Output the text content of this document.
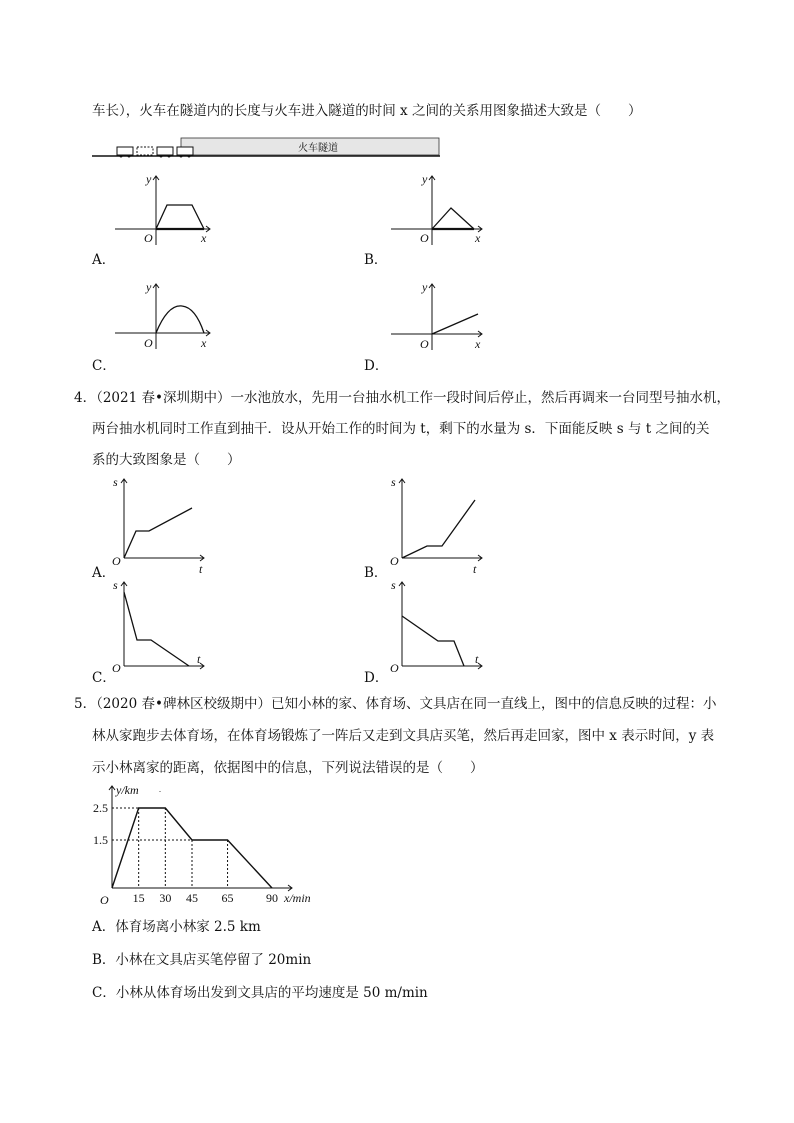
车长），火车在隧道内的长度与火车进入隧道的时间 x 之间的关系用图象描述大致是（　　）
火车隧道
y
x
O
A．
y
x
O
B．
y
x
O
C．
y
x
O
D．
4．（2021 春•深圳期中）一水池放水，先用一台抽水机工作一段时间后停止，然后再调来一台同型号抽水机，
两台抽水机同时工作直到抽干．设从开始工作的时间为 t，剩下的水量为 s．下面能反映 s 与 t 之间的关
系的大致图象是（　　）
s
t
O
A．
s
t
O
B．
s
t
O
C．
s
t
O
D．
5．（2020 春•碑林区校级期中）已知小林的家、体育场、文具店在同一直线上，图中的信息反映的过程：小
林从家跑步去体育场，在体育场锻炼了一阵后又走到文具店买笔，然后再走回家，图中 x 表示时间，y 表
示小林离家的距离，依据图中的信息，下列说法错误的是（　　）
y/km
x/min
O
.
15 30 45 65	90
2.5
1.5
A．体育场离小林家 2.5 km
B．小林在文具店买笔停留了 20min
C．小林从体育场出发到文具店的平均速度是 50 m/min
